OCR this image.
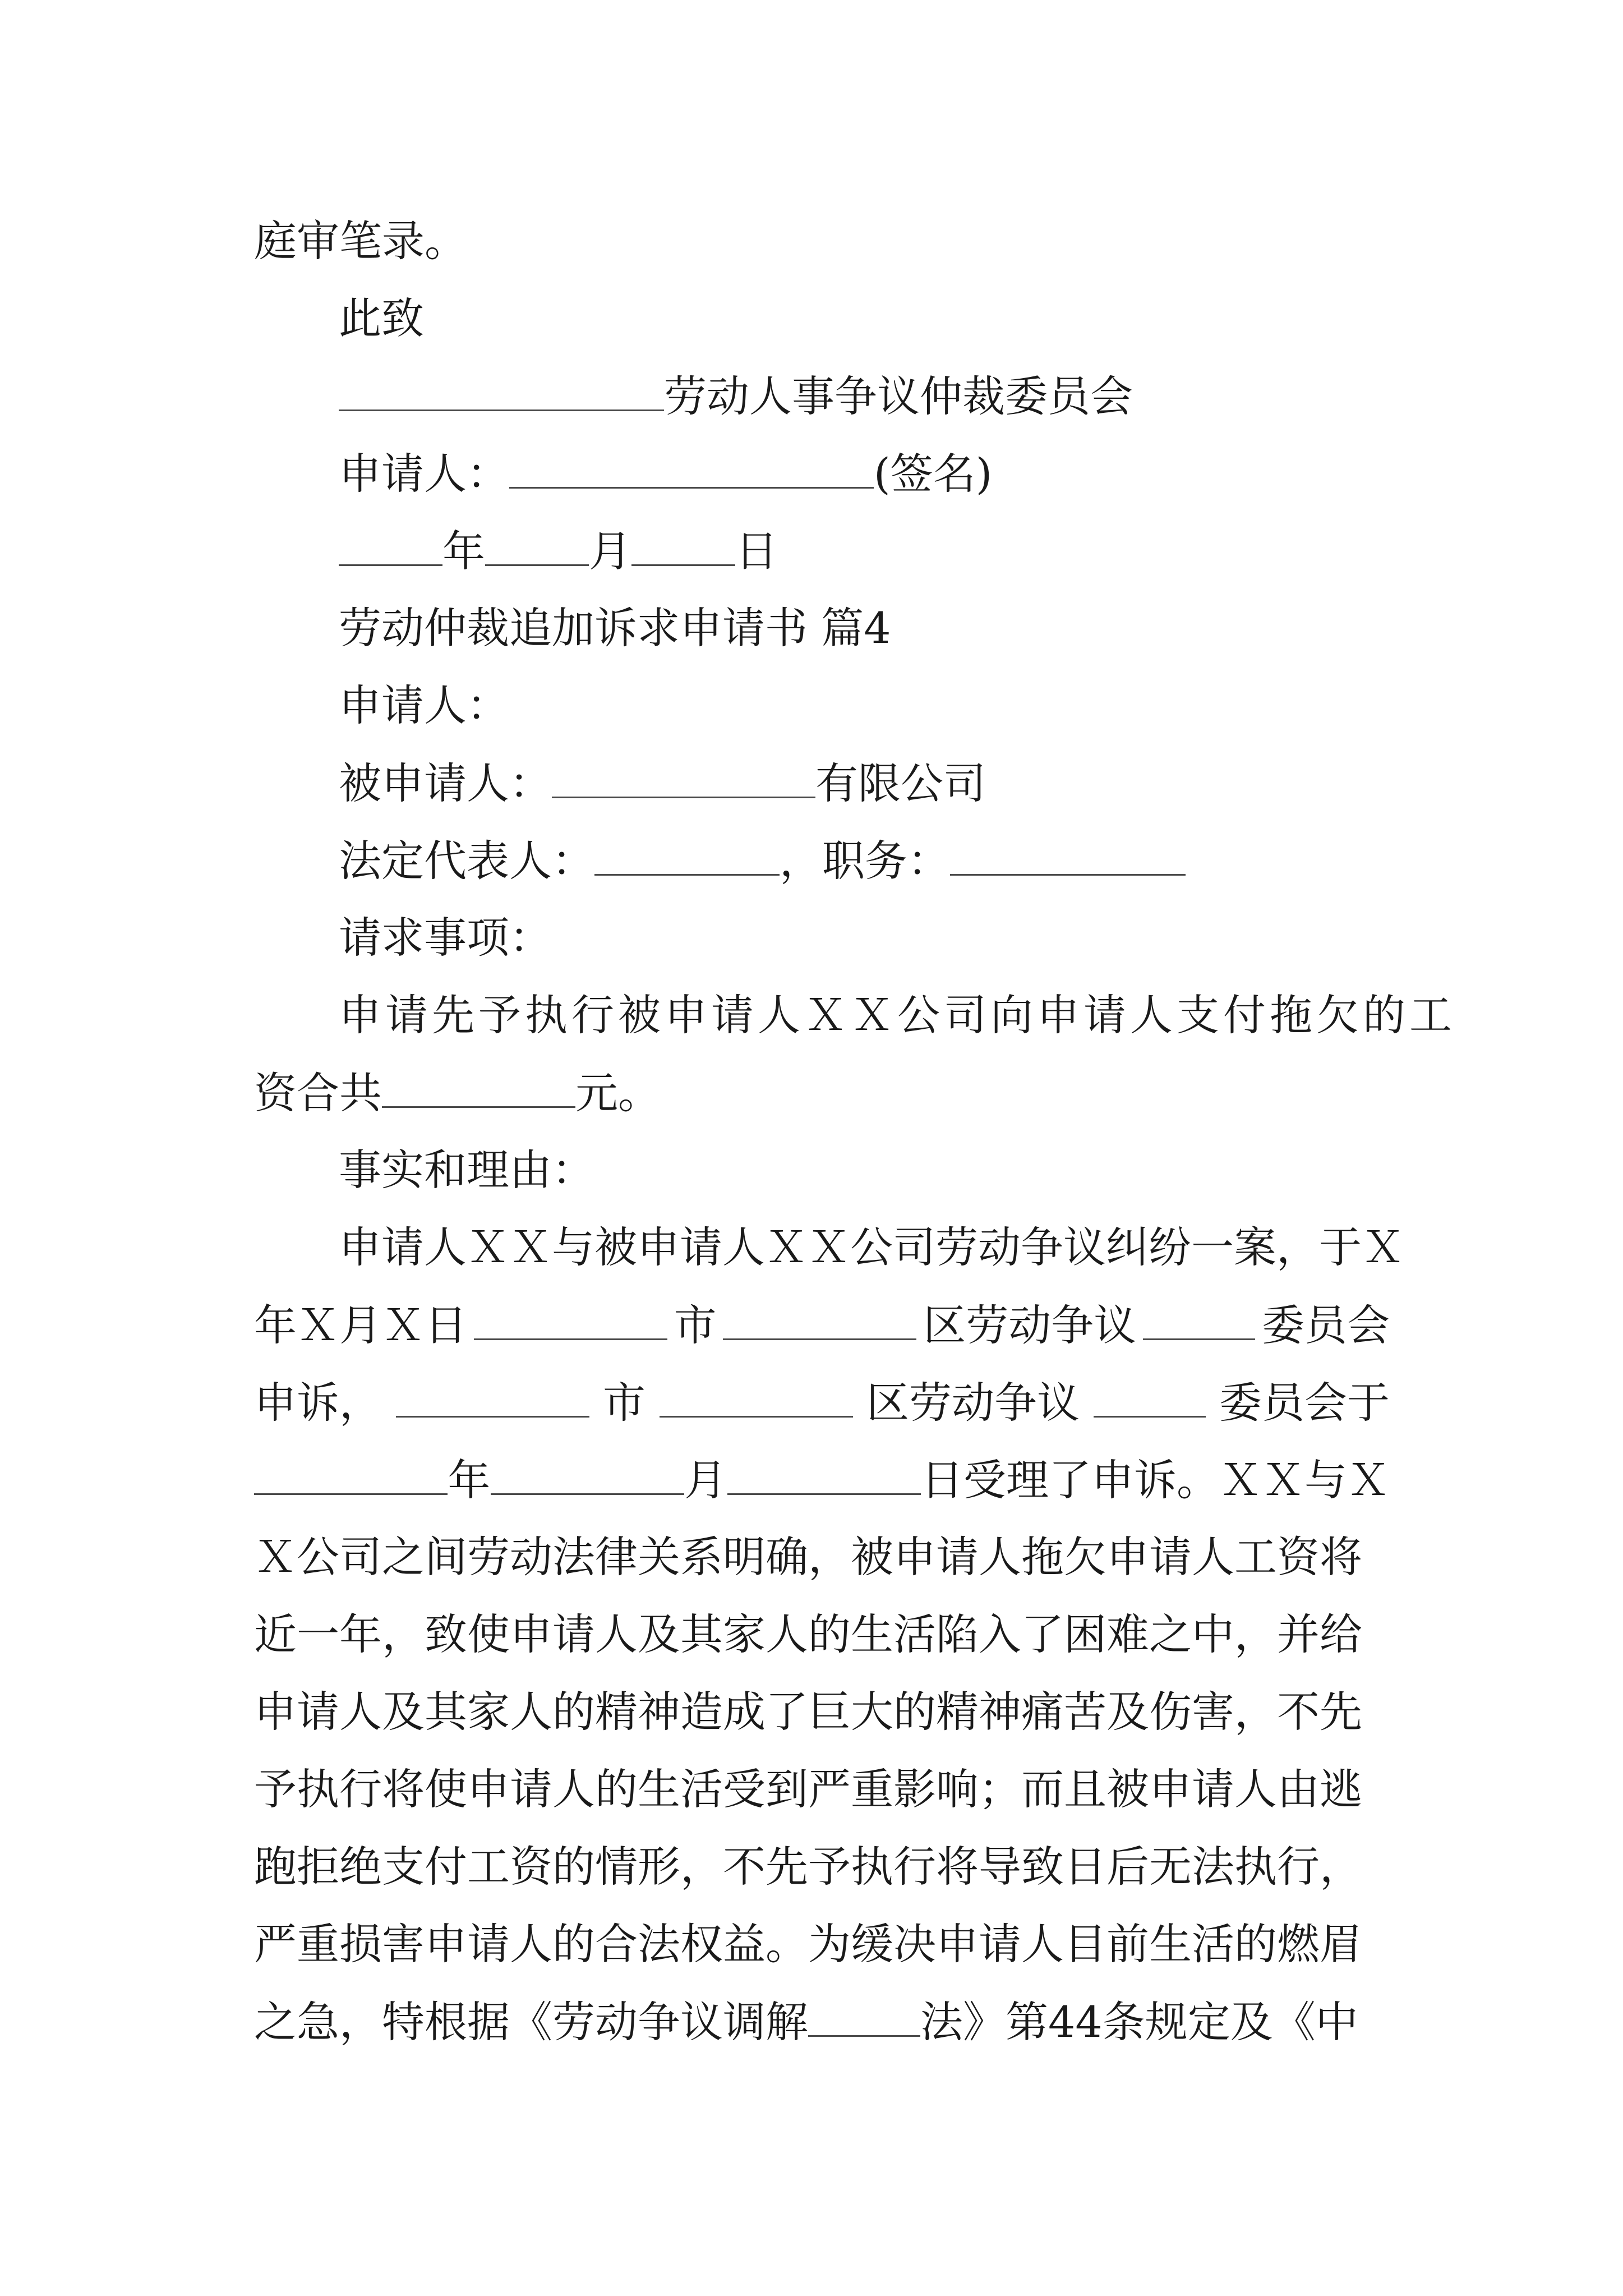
庭审笔录。
此致
劳动人事争议仲裁委员会
申请人：	(签名)
年 月 日
劳动仲裁追加诉求申请书 篇4
申请人：
被申请人：	有限公司
法定代表人：	，职务：
请求事项：
申请先予执行被申请人ＸＸ公司向申请人支付拖欠的工
资合共	元。
事实和理由：
申请人ＸＸ与被申请人ＸＸ公司劳动争议纠纷一案，于Ｘ
年Ｘ月Ｘ日	市	区劳动争议	委员会
申诉，	市	区劳动争议	委员会于
年	月	日受理了申诉。ＸＸ与Ｘ
Ｘ公司之间劳动法律关系明确，被申请人拖欠申请人工资将
近一年，致使申请人及其家人的生活陷入了困难之中，并给
申请人及其家人的精神造成了巨大的精神痛苦及伤害，不先
予执行将使申请人的生活受到严重影响；而且被申请人由逃
跑拒绝支付工资的情形，不先予执行将导致日后无法执行，
严重损害申请人的合法权益。为缓决申请人目前生活的燃眉
之急，特根据《劳动争议调解	法》第44条规定及《中
